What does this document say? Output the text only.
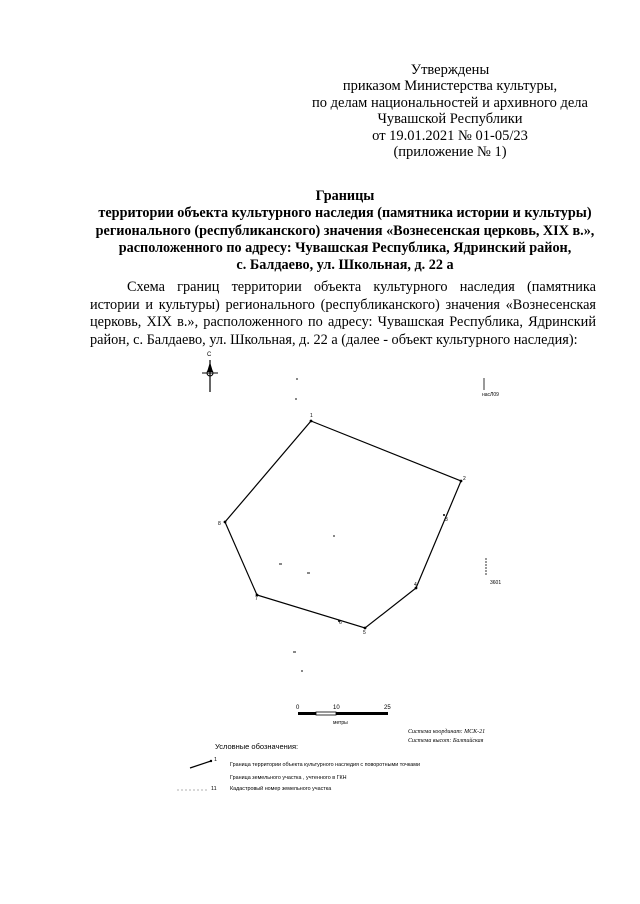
Утверждены
приказом Министерства культуры,
по делам национальностей и архивного дела
Чувашской Республики
от 19.01.2021 № 01-05/23
(приложение № 1)
Границы
территории объекта культурного наследия (памятника истории и культуры)
регионального (республиканского) значения «Вознесенская церковь, XIX в.»,
расположенного по адресу: Чувашская Республика, Ядринский район,
с. Балдаево, ул. Школьная, д. 22 а
Схема границ территории объекта культурного наследия (памятника истории и культуры) регионального (республиканского) значения «Вознесенская церковь, XIX в.», расположенного по адресу: Чувашская Республика, Ядринский район, с. Балдаево, ул. Школьная, д. 22 а (далее - объект культурного наследия):
С
насЛ09
3601
1
2
3
4
5
6
7
8
0	10	25
метры
Система координат: МСК-21
Система высот: Балтийская
Условные обозначения:
1
Граница территории объекта культурного наследия с поворотными точками
Граница земельного участка , учтенного в ГКН
11 Кадастровый номер земельного участка
